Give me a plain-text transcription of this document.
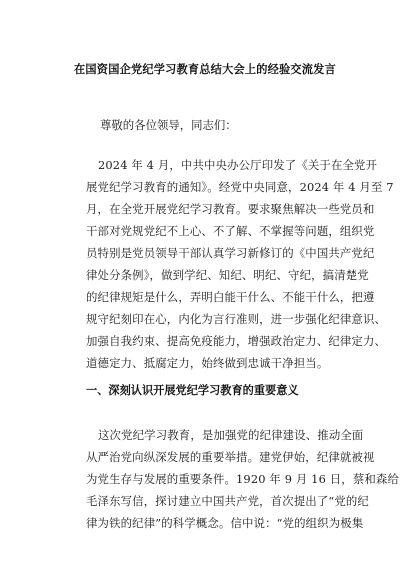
在国资国企党纪学习教育总结大会上的经验交流发言
尊敬的各位领导，同志们：
2024 年 4 月，中共中央办公厅印发了《关于在全党开
展党纪学习教育的通知》。经党中央同意，2024 年 4 月至 7
月，在全党开展党纪学习教育。要求聚焦解决一些党员和
干部对党规党纪不上心、不了解、不掌握等问题，组织党
员特别是党员领导干部认真学习新修订的《中国共产党纪
律处分条例》，做到学纪、知纪、明纪、守纪，搞清楚党
的纪律规矩是什么，弄明白能干什么、不能干什么，把遵
规守纪刻印在心，内化为言行准则，进一步强化纪律意识、
加强自我约束、提高免疫能力，增强政治定力、纪律定力、
道德定力、抵腐定力，始终做到忠诚干净担当。
一、深刻认识开展党纪学习教育的重要意义
这次党纪学习教育，是加强党的纪律建设、推动全面
从严治党向纵深发展的重要举措。建党伊始，纪律就被视
为党生存与发展的重要条件。1920 年 9 月 16 日，蔡和森给
毛泽东写信，探讨建立中国共产党，首次提出了“党的纪
律为铁的纪律”的科学概念。信中说：“党的组织为极集
